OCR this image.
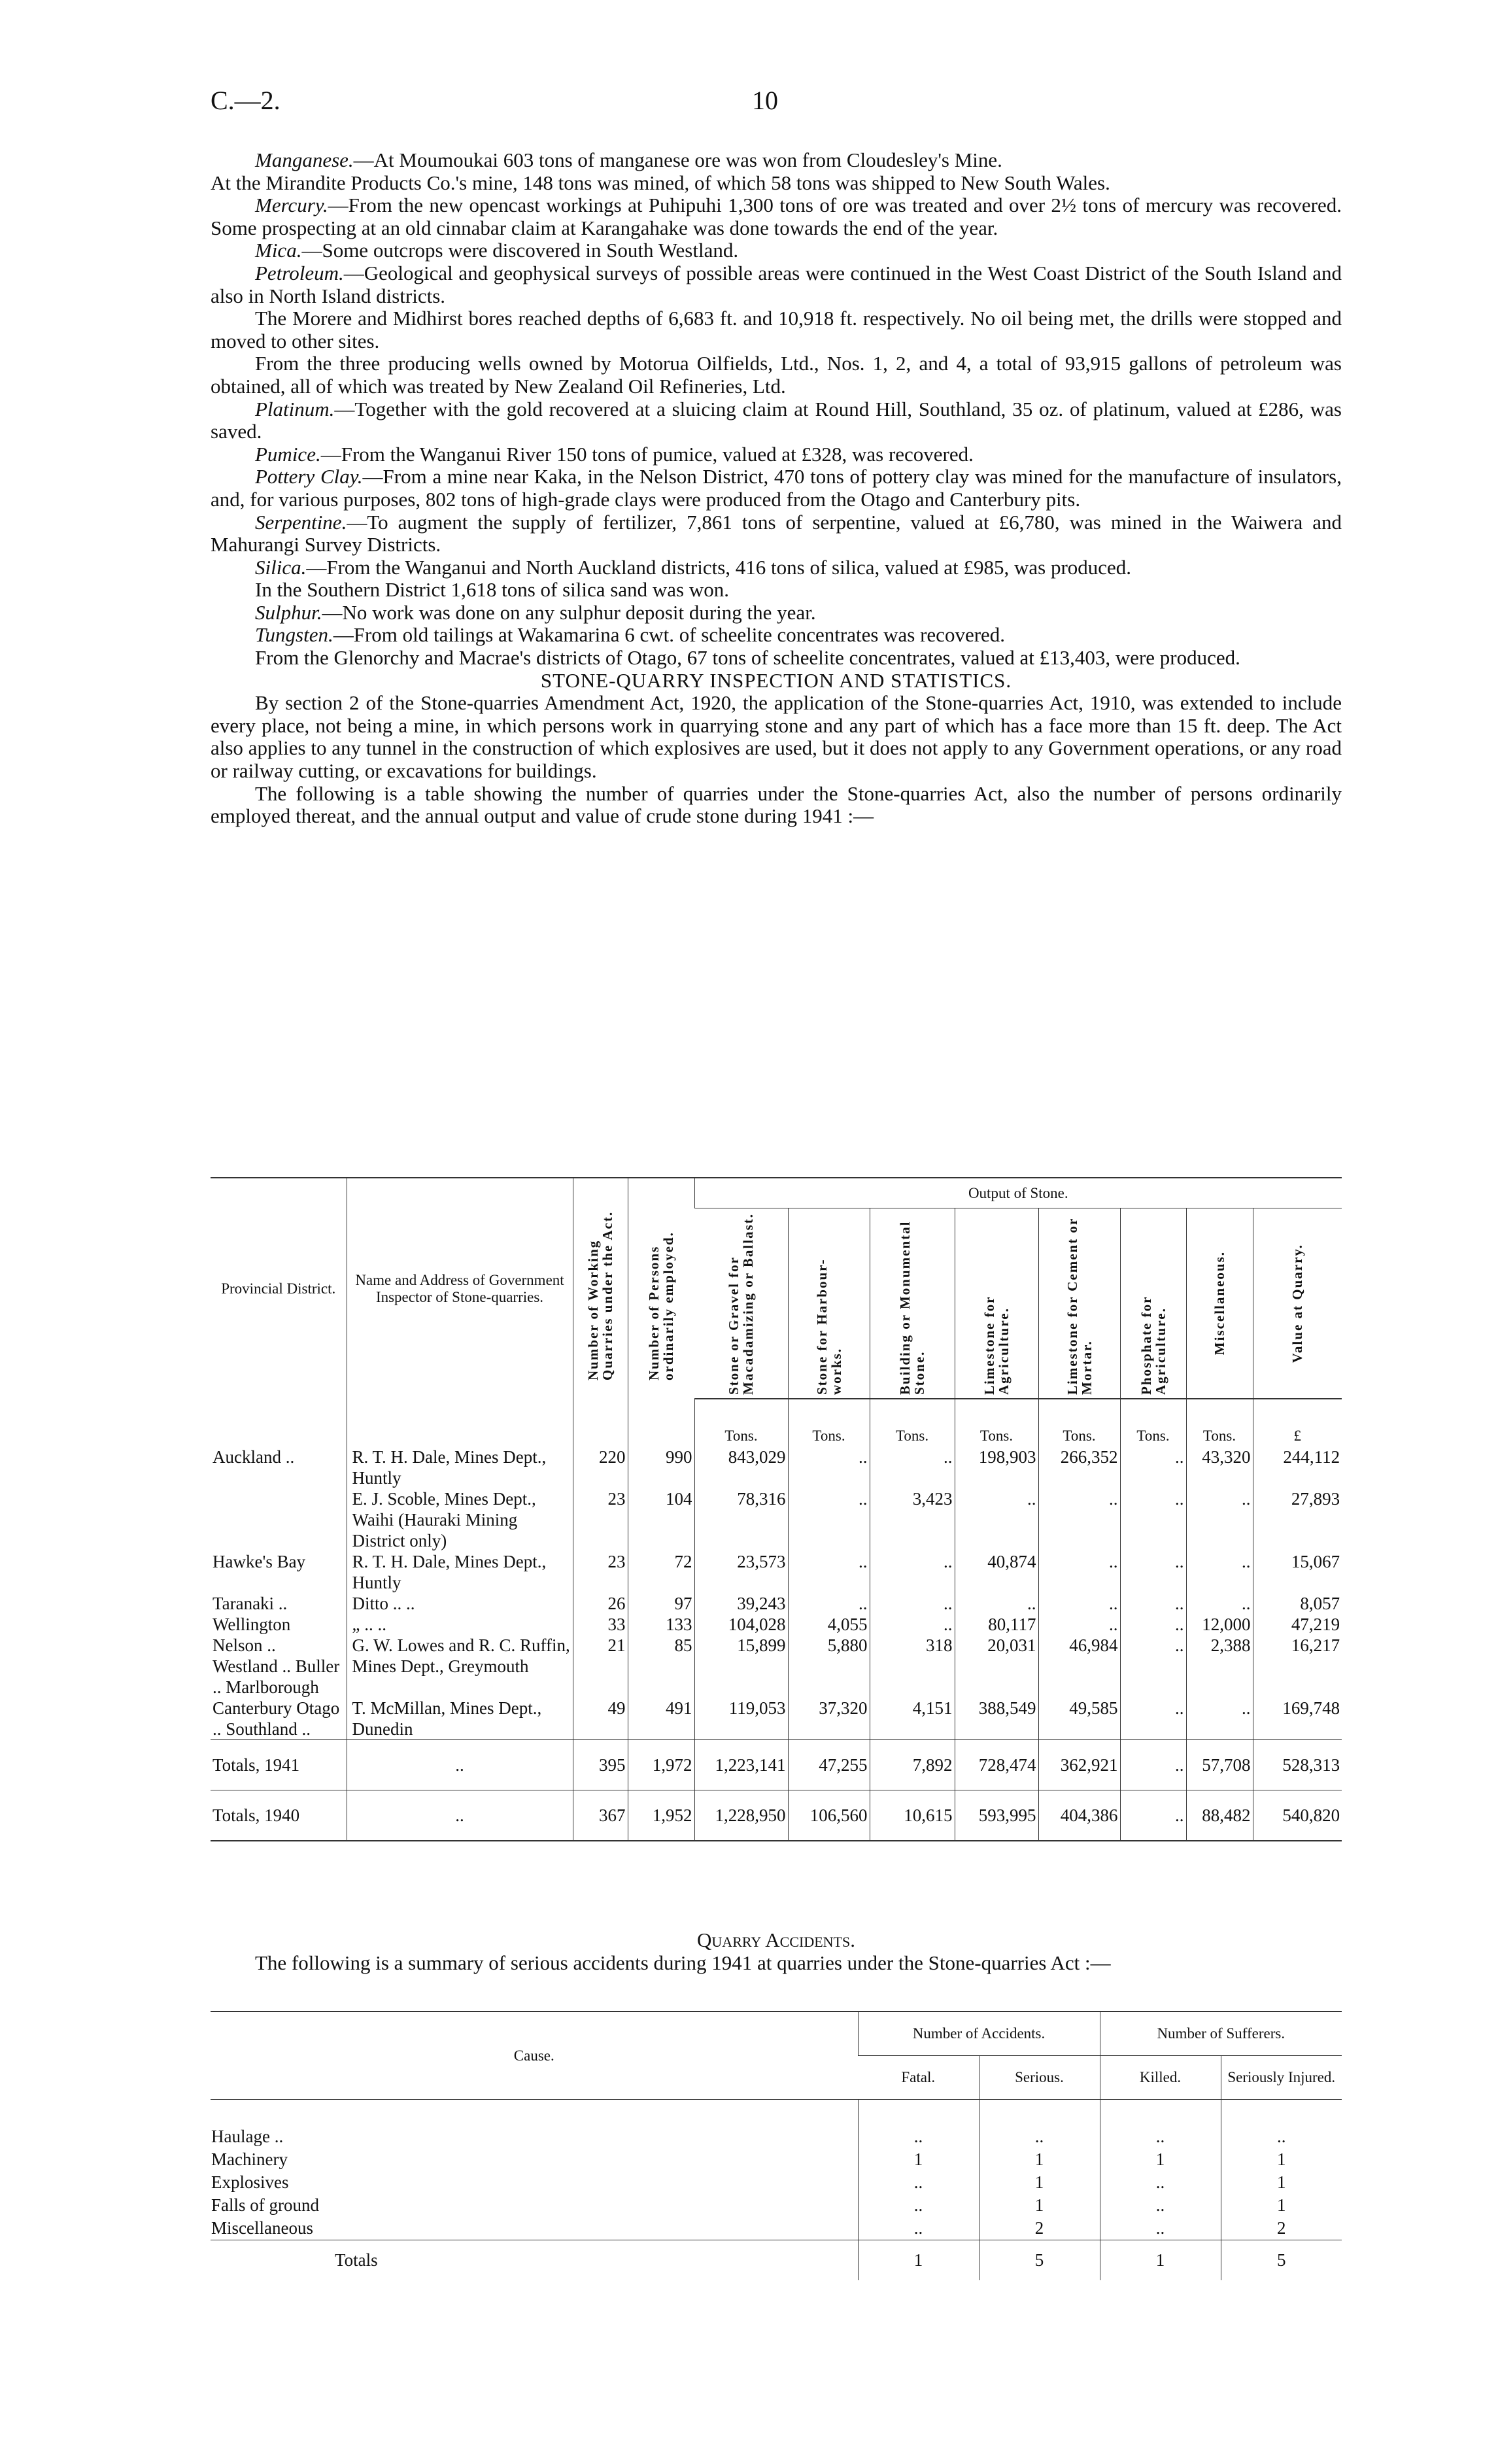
C.—2.	10

Manganese.—At Moumoukai 603 tons of manganese ore was won from Cloudesley's Mine.

At the Mirandite Products Co.'s mine, 148 tons was mined, of which 58 tons was shipped to New South Wales.

Mercury.—From the new opencast workings at Puhipuhi 1,300 tons of ore was treated and over 2½ tons of mercury was recovered. Some prospecting at an old cinnabar claim at Karangahake was done towards the end of the year.

Mica.—Some outcrops were discovered in South Westland.

Petroleum.—Geological and geophysical surveys of possible areas were continued in the West Coast District of the South Island and also in North Island districts.

The Morere and Midhirst bores reached depths of 6,683 ft. and 10,918 ft. respectively. No oil being met, the drills were stopped and moved to other sites.

From the three producing wells owned by Motorua Oilfields, Ltd., Nos. 1, 2, and 4, a total of 93,915 gallons of petroleum was obtained, all of which was treated by New Zealand Oil Refineries, Ltd.

Platinum.—Together with the gold recovered at a sluicing claim at Round Hill, Southland, 35 oz. of platinum, valued at £286, was saved.

Pumice.—From the Wanganui River 150 tons of pumice, valued at £328, was recovered.

Pottery Clay.—From a mine near Kaka, in the Nelson District, 470 tons of pottery clay was mined for the manufacture of insulators, and, for various purposes, 802 tons of high-grade clays were produced from the Otago and Canterbury pits.

Serpentine.—To augment the supply of fertilizer, 7,861 tons of serpentine, valued at £6,780, was mined in the Waiwera and Mahurangi Survey Districts.

Silica.—From the Wanganui and North Auckland districts, 416 tons of silica, valued at £985, was produced.

In the Southern District 1,618 tons of silica sand was won.

Sulphur.—No work was done on any sulphur deposit during the year.

Tungsten.—From old tailings at Wakamarina 6 cwt. of scheelite concentrates was recovered.

From the Glenorchy and Macrae's districts of Otago, 67 tons of scheelite concentrates, valued at £13,403, were produced.

STONE-QUARRY INSPECTION AND STATISTICS.

By section 2 of the Stone-quarries Amendment Act, 1920, the application of the Stone-quarries Act, 1910, was extended to include every place, not being a mine, in which persons work in quarrying stone and any part of which has a face more than 15 ft. deep. The Act also applies to any tunnel in the construction of which explosives are used, but it does not apply to any Government operations, or any road or railway cutting, or excavations for buildings.

The following is a table showing the number of quarries under the Stone-quarries Act, also the number of persons ordinarily employed thereat, and the annual output and value of crude stone during 1941 :—

Provincial District.	Name and Address of Government Inspector of Stone-quarries.	Number of Working Quarries under the Act.	Number of Persons ordinarily employed.	Output of Stone.							

				Stone or Gravel for Macadamizing or Ballast.	Stone for Harbour-works.	Building or Monumental Stone.	Limestone for Agriculture.	Limestone for Cement or Mortar.	Phosphate for Agriculture.	Miscellaneous.	Value at Quarry.

				Tons.	Tons.	Tons.	Tons.	Tons.	Tons.	Tons.	£
Auckland ..	R. T. H. Dale, Mines Dept., Huntly	220	990	843,029	..	..	198,903	266,352	..	43,320	244,112
	E. J. Scoble, Mines Dept., Waihi (Hauraki Mining District only)	23	104	78,316	..	3,423	..	..	..	..	27,893
Hawke's Bay	R. T. H. Dale, Mines Dept., Huntly	23	72	23,573	..	..	40,874	..	..	..	15,067
Taranaki ..	Ditto .. ..	26	97	39,243	..	..	..	..	..	..	8,057
Wellington	„ .. ..	33	133	104,028	4,055	..	80,117	..	..	12,000	47,219
Nelson .. Westland .. Buller .. Marlborough	G. W. Lowes and R. C. Ruffin, Mines Dept., Greymouth	21	85	15,899	5,880	318	20,031	46,984	..	2,388	16,217
Canterbury Otago .. Southland ..	T. McMillan, Mines Dept., Dunedin	49	491	119,053	37,320	4,151	388,549	49,585	..	..	169,748
Totals, 1941	..	395	1,972	1,223,141	47,255	7,892	728,474	362,921	..	57,708	528,313
Totals, 1940	..	367	1,952	1,228,950	106,560	10,615	593,995	404,386	..	88,482	540,820
Quarry Accidents.

The following is a summary of serious accidents during 1941 at quarries under the Stone-quarries Act :—

Cause.	Number of Accidents.		Number of Sufferers.	
	Fatal.	Serious.	Killed.	Seriously Injured.
Haulage ..	..	..	..	..
Machinery	1	1	1	1
Explosives	..	1	..	1
Falls of ground	..	1	..	1
Miscellaneous	..	2	..	2
Totals	1	5	1	5
